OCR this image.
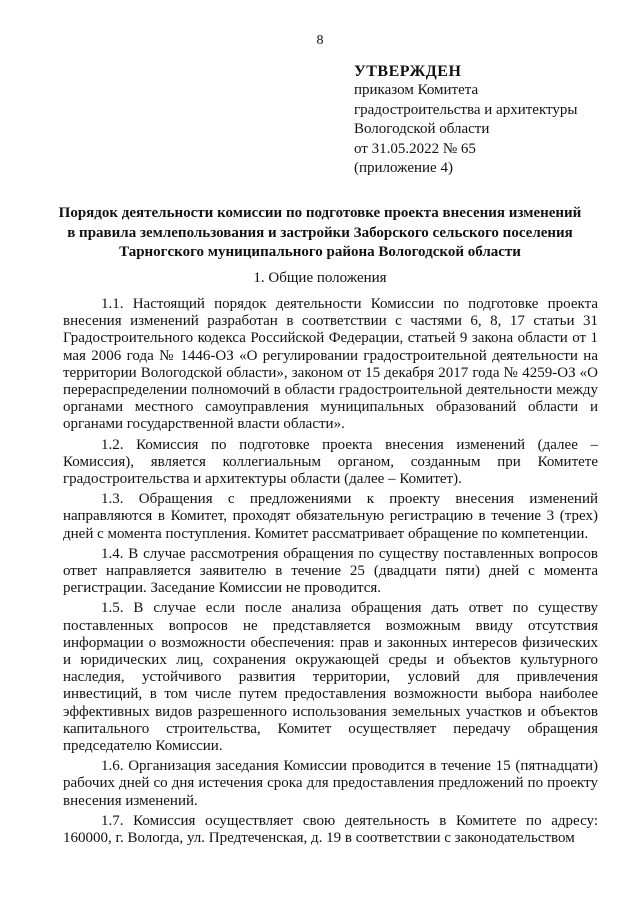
8
УТВЕРЖДЕН
приказом Комитета
градостроительства и архитектуры
Вологодской области
от 31.05.2022 № 65
(приложение 4)
Порядок деятельности комиссии по подготовке проекта внесения изменений
в правила землепользования и застройки Заборского сельского поселения
Тарногского муниципального района Вологодской области
1. Общие положения

1.1. Настоящий порядок деятельности Комиссии по подготовке проекта внесения изменений разработан в соответствии с частями 6, 8, 17 статьи 31 Градостроительного кодекса Российской Федерации, статьей 9 закона области от 1 мая 2006 года № 1446-ОЗ «О регулировании градостроительной деятельности на территории Вологодской области», законом от 15 декабря 2017 года № 4259-ОЗ «О перераспределении полномочий в области градостроительной деятельности между органами местного самоуправления муниципальных образований области и органами государственной власти области».

1.2. Комиссия по подготовке проекта внесения изменений (далее – Комиссия), является коллегиальным органом, созданным при Комитете градостроительства и архитектуры области (далее – Комитет).

1.3. Обращения с предложениями к проекту внесения изменений направляются в Комитет, проходят обязательную регистрацию в течение 3 (трех) дней с момента поступления. Комитет рассматривает обращение по компетенции.

1.4. В случае рассмотрения обращения по существу поставленных вопросов ответ направляется заявителю в течение 25 (двадцати пяти) дней с момента регистрации. Заседание Комиссии не проводится.

1.5. В случае если после анализа обращения дать ответ по существу поставленных вопросов не представляется возможным ввиду отсутствия информации о возможности обеспечения: прав и законных интересов физических и юридических лиц, сохранения окружающей среды и объектов культурного наследия, устойчивого развития территории, условий для привлечения инвестиций, в том числе путем предоставления возможности выбора наиболее эффективных видов разрешенного использования земельных участков и объектов капитального строительства, Комитет осуществляет передачу обращения председателю Комиссии.

1.6. Организация заседания Комиссии проводится в течение 15 (пятнадцати) рабочих дней со дня истечения срока для предоставления предложений по проекту внесения изменений.

1.7. Комиссия осуществляет свою деятельность в Комитете по адресу: 160000, г. Вологда, ул. Предтеченская, д. 19 в соответствии с законодательством
